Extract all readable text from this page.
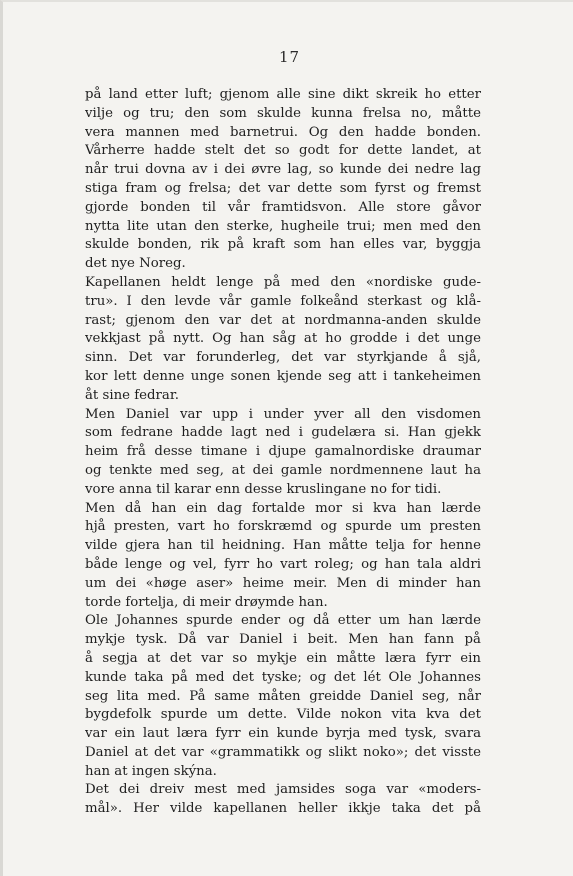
17
på land etter luft; gjenom alle sine dikt skreik ho etter
vilje og tru; den som skulde kunna frelsa no, måtte
vera mannen med barnetrui. Og den hadde bonden.
Vårherre hadde stelt det so godt for dette landet, at
når trui dovna av i dei øvre lag, so kunde dei nedre lag
stiga fram og frelsa; det var dette som fyrst og fremst
gjorde bonden til vår framtidsvon. Alle store gåvor
nytta lite utan den sterke, hugheile trui; men med den
skulde bonden, rik på kraft som han elles var, byggja
det nye Noreg.
Kapellanen heldt lenge på med den «nordiske gude-
tru». I den levde vår gamle folkeånd sterkast og klå-
rast; gjenom den var det at nordmanna-anden skulde
vekkjast på nytt. Og han såg at ho grodde i det unge
sinn. Det var forunderleg, det var styrkjande å sjå,
kor lett denne unge sonen kjende seg att i tankeheimen
åt sine fedrar.
Men Daniel var upp i under yver all den visdomen
som fedrane hadde lagt ned i gudelæra si. Han gjekk
heim frå desse timane i djupe gamalnordiske draumar
og tenkte med seg, at dei gamle nordmennene laut ha
vore anna til karar enn desse kruslingane no for tidi.
Men då han ein dag fortalde mor si kva han lærde
hjå presten, vart ho forskræmd og spurde um presten
vilde gjera han til heidning. Han måtte telja for henne
både lenge og vel, fyrr ho vart roleg; og han tala aldri
um dei «høge aser» heime meir. Men di minder han
torde fortelja, di meir drøymde han.
Ole Johannes spurde ender og då etter um han lærde
mykje tysk. Då var Daniel i beit. Men han fann på
å segja at det var so mykje ein måtte læra fyrr ein
kunde taka på med det tyske; og det lét Ole Johannes
seg lita med. På same måten greidde Daniel seg, når
bygdefolk spurde um dette. Vilde nokon vita kva det
var ein laut læra fyrr ein kunde byrja med tysk, svara
Daniel at det var «grammatikk og slikt noko»; det visste
han at ingen skýna.
Det dei dreiv mest med jamsides soga var «moders-
mål». Her vilde kapellanen heller ikkje taka det på
